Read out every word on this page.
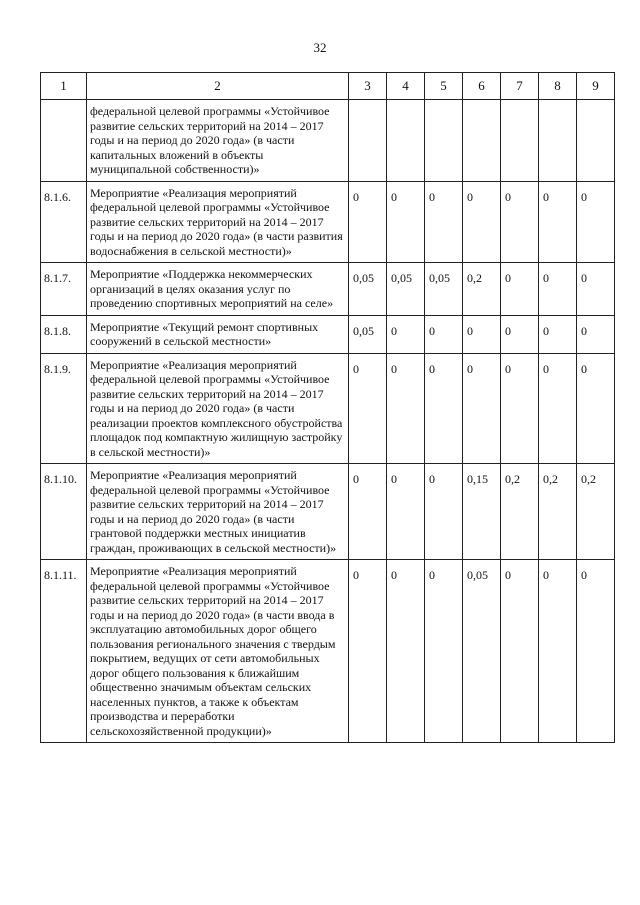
32
1	2	3	4	5	6	7	8	9
	федеральной целевой программы «Устойчивое развитие сельских территорий на 2014 – 2017 годы и на период до 2020 года» (в части капитальных вложений в объекты муниципальной собственности)»							
8.1.6.	Мероприятие «Реализация мероприятий федеральной целевой программы «Устойчивое развитие сельских территорий на 2014 – 2017 годы и на период до 2020 года» (в части развития водоснабжения в сельской местности)»	0	0	0	0	0	0	0
8.1.7.	Мероприятие «Поддержка некоммерческих организаций в целях оказания услуг по проведению спортивных мероприятий на селе»	0,05	0,05	0,05	0,2	0	0	0
8.1.8.	Мероприятие «Текущий ремонт спортивных сооружений в сельской местности»	0,05	0	0	0	0	0	0
8.1.9.	Мероприятие «Реализация мероприятий федеральной целевой программы «Устойчивое развитие сельских территорий на 2014 – 2017 годы и на период до 2020 года» (в части реализации проектов комплексного обустройства площадок под компактную жилищную застройку в сельской местности)»	0	0	0	0	0	0	0
8.1.10.	Мероприятие «Реализация мероприятий федеральной целевой программы «Устойчивое развитие сельских территорий на 2014 – 2017 годы и на период до 2020 года» (в части грантовой поддержки местных инициатив граждан, проживающих в сельской местности)»	0	0	0	0,15	0,2	0,2	0,2
8.1.11.	Мероприятие «Реализация мероприятий федеральной целевой программы «Устойчивое развитие сельских территорий на 2014 – 2017 годы и на период до 2020 года» (в части ввода в эксплуатацию автомобильных дорог общего пользования регионального значения с твердым покрытием, ведущих от сети автомобильных дорог общего пользования к ближайшим общественно значимым объектам сельских населенных пунктов, а также к объектам производства и переработки сельскохозяйственной продукции)»	0	0	0	0,05	0	0	0
